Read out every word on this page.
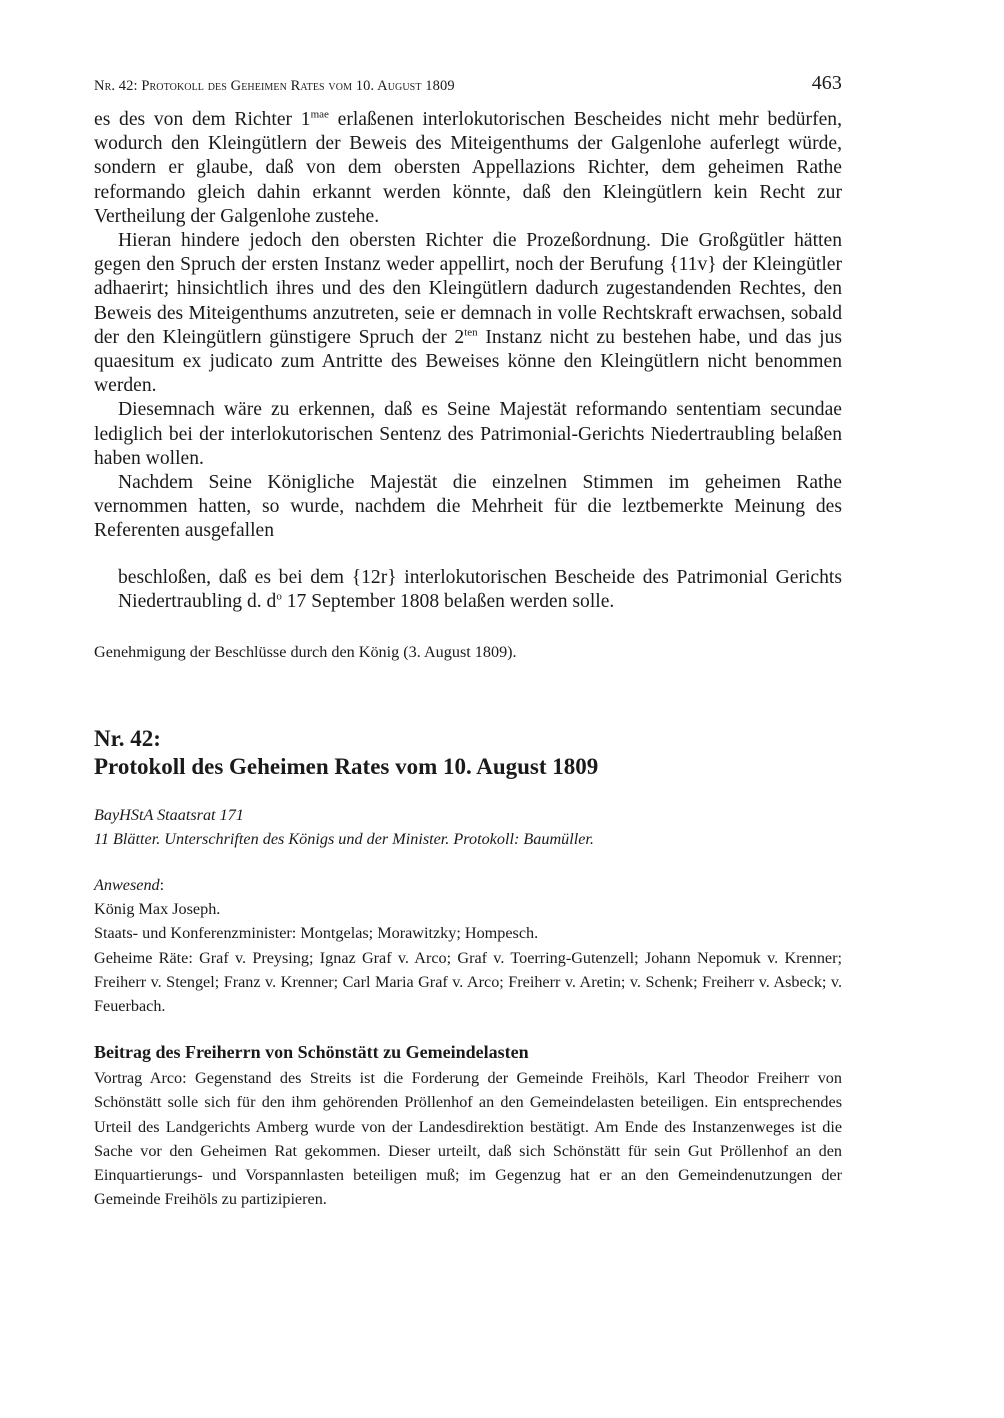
Nr. 42: Protokoll des Geheimen Rates vom 10. August 1809	463

es des von dem Richter $1^{mae}$ erlaßenen interlokutorischen Bescheides nicht mehr bedürfen, wodurch den Kleingütlern der Beweis des Miteigenthums der Galgenlohe auferlegt würde, sondern er glaube, daß von dem obersten Appellazions Richter, dem geheimen Rathe reformando gleich dahin erkannt werden könnte, daß den Kleingütlern kein Recht zur Vertheilung der Galgenlohe zustehe.

Hieran hindere jedoch den obersten Richter die Prozeßordnung. Die Großgütler hätten gegen den Spruch der ersten Instanz weder appellirt, noch der Berufung {11v} der Kleingütler adhaerirt; hinsichtlich ihres und des den Kleingütlern dadurch zugestandenden Rechtes, den Beweis des Miteigenthums anzutreten, seie er demnach in volle Rechtskraft erwachsen, sobald der den Kleingütlern günstigere Spruch der $2^{ten}$ Instanz nicht zu bestehen habe, und das jus quaesitum ex judicato zum Antritte des Beweises könne den Kleingütlern nicht benommen werden.

Diesemnach wäre zu erkennen, daß es Seine Majestät reformando sententiam secundae lediglich bei der interlokutorischen Sentenz des Patrimonial-Gerichts Niedertraubling belaßen haben wollen.

Nachdem Seine Königliche Majestät die einzelnen Stimmen im geheimen Rathe vernommen hatten, so wurde, nachdem die Mehrheit für die leztbemerkte Meinung des Referenten ausgefallen

beschloßen, daß es bei dem {12r} interlokutorischen Bescheide des Patrimonial Gerichts Niedertraubling d. $d^o$ 17 September 1808 belaßen werden solle.

Genehmigung der Beschlüsse durch den König (3. August 1809).
Nr. 42:
Protokoll des Geheimen Rates vom 10. August 1809
BayHStA Staatsrat 171
11 Blätter. Unterschriften des Königs und der Minister. Protokoll: Baumüller.
Anwesend:
König Max Joseph.
Staats- und Konferenzminister: Montgelas; Morawitzky; Hompesch.
Geheime Räte: Graf v. Preysing; Ignaz Graf v. Arco; Graf v. Toerring-Gutenzell; Johann Nepomuk v. Krenner; Freiherr v. Stengel; Franz v. Krenner; Carl Maria Graf v. Arco; Freiherr v. Aretin; v. Schenk; Freiherr v. Asbeck; v. Feuerbach.
Beitrag des Freiherrn von Schönstätt zu Gemeindelasten

Vortrag Arco: Gegenstand des Streits ist die Forderung der Gemeinde Freihöls, Karl Theodor Freiherr von Schönstätt solle sich für den ihm gehörenden Pröllenhof an den Gemeindelasten beteiligen. Ein entsprechendes Urteil des Landgerichts Amberg wurde von der Landesdirektion bestätigt. Am Ende des Instanzenweges ist die Sache vor den Geheimen Rat gekommen. Dieser urteilt, daß sich Schönstätt für sein Gut Pröllenhof an den Einquartierungs- und Vorspannlasten beteiligen muß; im Gegenzug hat er an den Gemeindenutzungen der Gemeinde Freihöls zu partizipieren.
